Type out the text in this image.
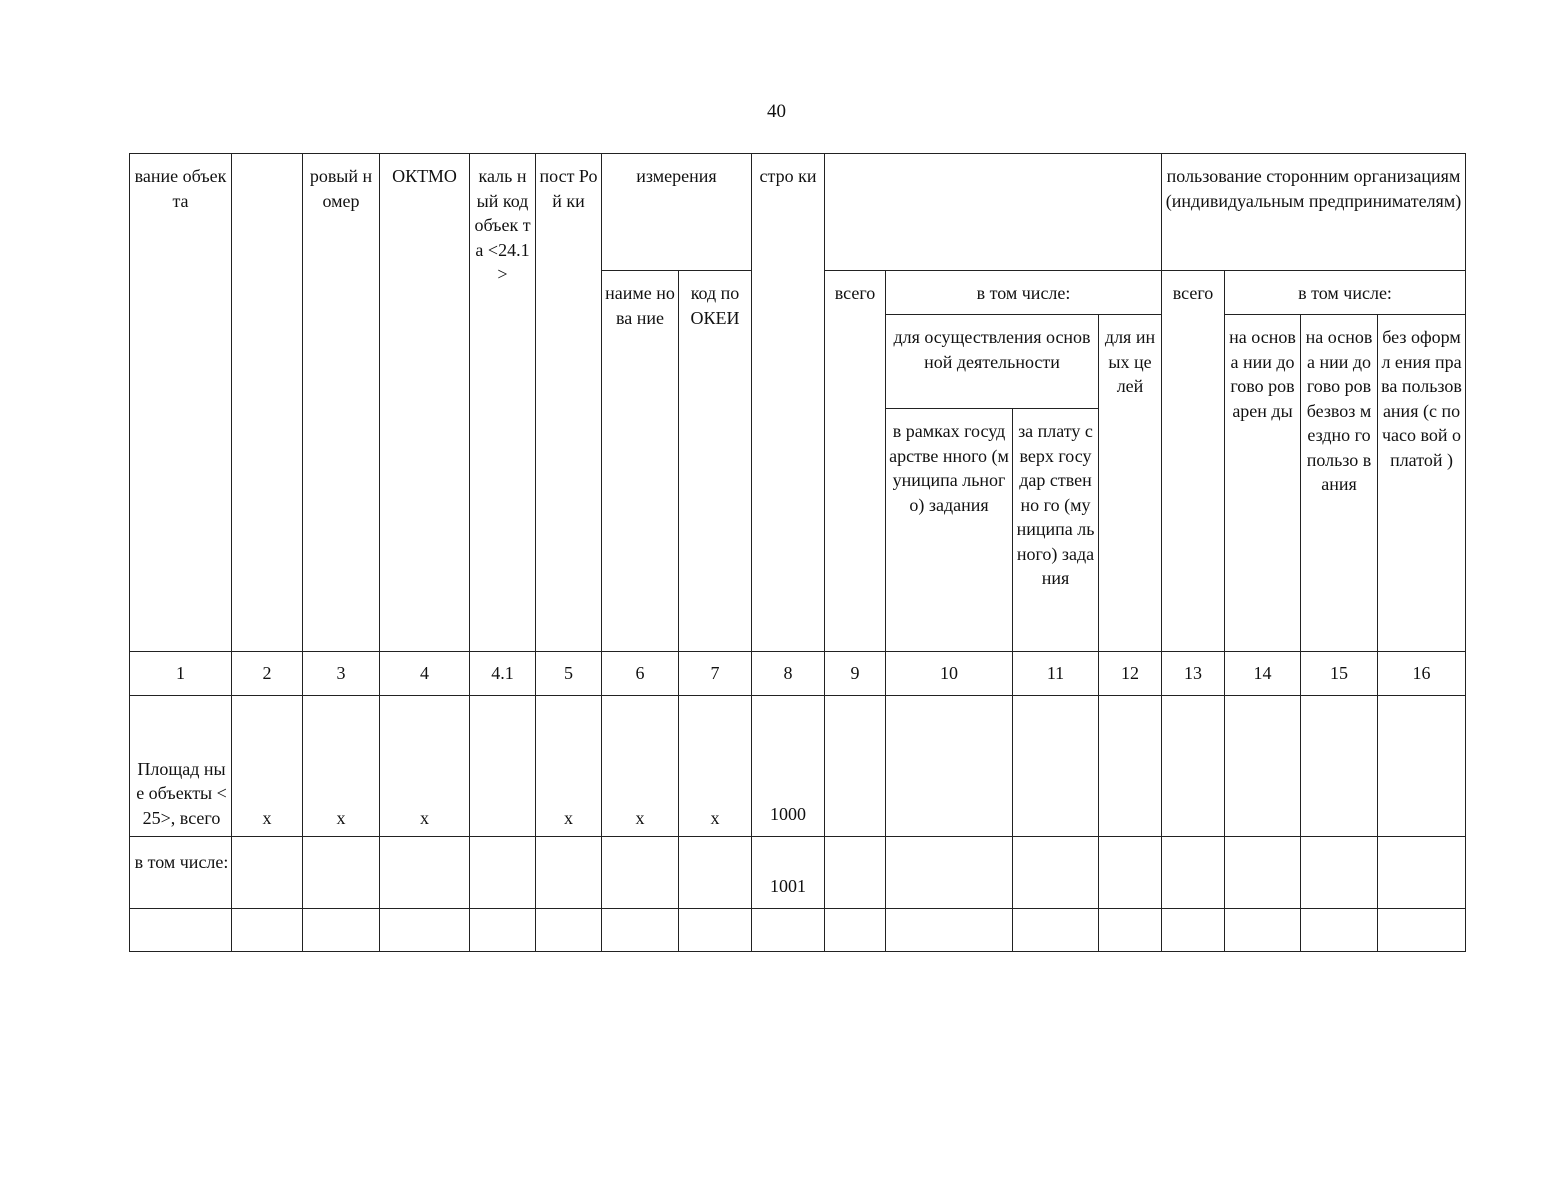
40
вание объекта		ровый номер	ОКТМО	каль ный код объек та <24.1 >	пост Рой ки	измерения		стро ки					пользование сторонним организациям (индивидуальным предпринимателям)			
						наиме нова ние	код по ОКЕИ		всего	в том числе:			всего	в том числе:		
										для осуществления основной деятельности		для иных це лей		на основа нии догово ров арен ды	на основа нии догово ров безвоз мездно го пользо вания	без оформл ения права пользов ания (с почасо вой оплатой )
										в рамках государстве нного (муниципа льного) задания	за плату сверх государ ственно го (му ниципа льного) задания					
1	2	3	4	4.1	5	6	7	8	9	10	11	12	13	14	15	16
Площад ные объекты <25>, всего	x	x	x		x	x	x	1000								
в том числе:								1001								
